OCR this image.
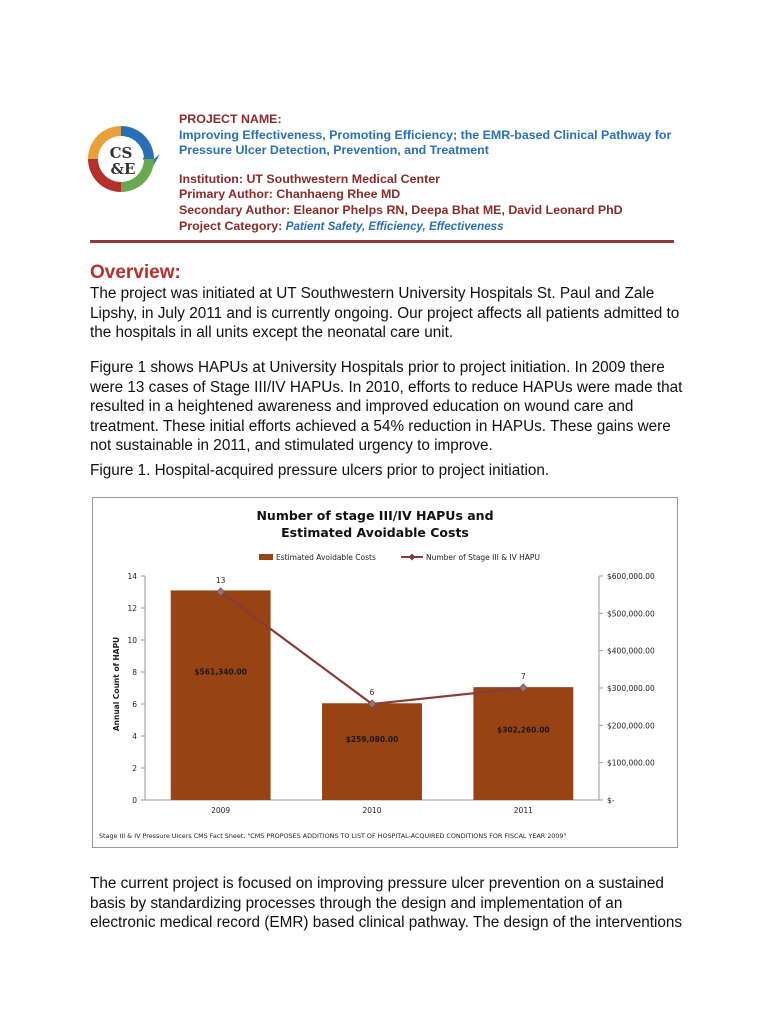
CS
&E
PROJECT NAME:
Improving Effectiveness, Promoting Efficiency; the EMR-based Clinical Pathway for
Pressure Ulcer Detection, Prevention, and Treatment
Institution: UT Southwestern Medical Center
Primary Author: Chanhaeng Rhee MD
Secondary Author: Eleanor Phelps RN, Deepa Bhat ME, David Leonard PhD
Project Category: Patient Safety, Efficiency, Effectiveness
Overview:

The project was initiated at UT Southwestern University Hospitals St. Paul and Zale Lipshy, in July 2011 and is currently ongoing. Our project affects all patients admitted to the hospitals in all units except the neonatal care unit.

Figure 1 shows HAPUs at University Hospitals prior to project initiation. In 2009 there were 13 cases of Stage III/IV HAPUs. In 2010, efforts to reduce HAPUs were made that resulted in a heightened awareness and improved education on wound care and treatment. These initial efforts achieved a 54% reduction in HAPUs. These gains were not sustainable in 2011, and stimulated urgency to improve.

Figure 1. Hospital-acquired pressure ulcers prior to project initiation.

Number of stage III/IV HAPUs and
Estimated Avoidable Costs
Estimated Avoidable Costs	Number of Stage III & IV HAPU
Annual Count of HAPU
0
2
4
6
8
10
12
14
$-
$100,000.00
$200,000.00
$300,000.00
$400,000.00
$500,000.00
$600,000.00
2009	2010	2011
$561,340.00
$259,080.00
$302,260.00
13
6
7
Stage III & IV Pressure Ulcers CMS Fact Sheet, "CMS PROPOSES ADDITIONS TO LIST OF HOSPITAL-ACQUIRED CONDITIONS FOR FISCAL YEAR 2009"

The current project is focused on improving pressure ulcer prevention on a sustained basis by standardizing processes through the design and implementation of an electronic medical record (EMR) based clinical pathway. The design of the interventions
